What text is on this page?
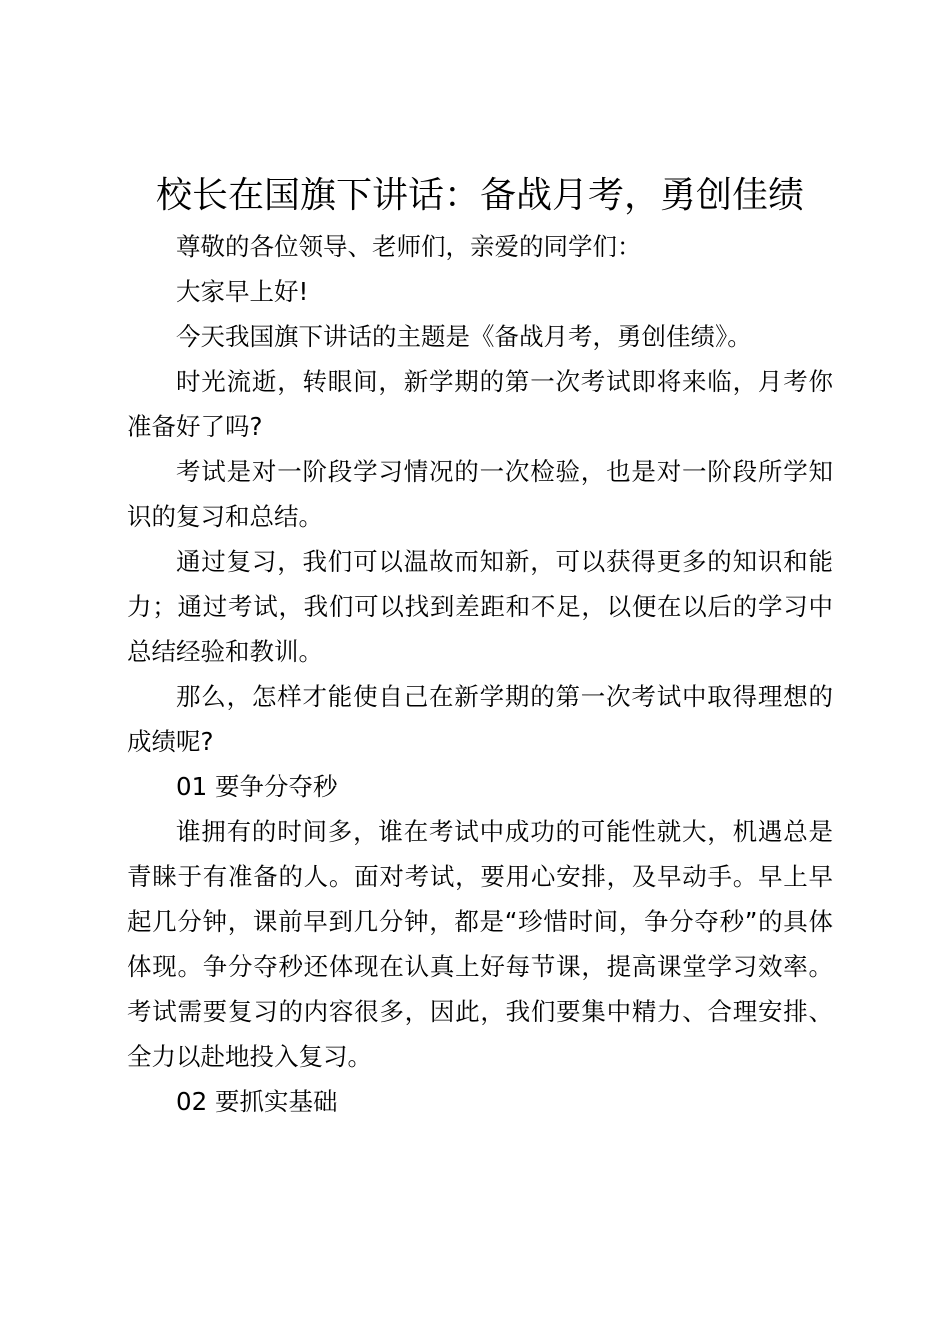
校长在国旗下讲话：备战月考，勇创佳绩

尊敬的各位领导、老师们，亲爱的同学们：

大家早上好!

今天我国旗下讲话的主题是《备战月考，勇创佳绩》。

时光流逝，转眼间，新学期的第一次考试即将来临，月考你准备好了吗?

考试是对一阶段学习情况的一次检验，也是对一阶段所学知识的复习和总结。

通过复习，我们可以温故而知新，可以获得更多的知识和能力；通过考试，我们可以找到差距和不足，以便在以后的学习中总结经验和教训。

那么，怎样才能使自己在新学期的第一次考试中取得理想的成绩呢?

01 要争分夺秒

谁拥有的时间多，谁在考试中成功的可能性就大，机遇总是青睐于有准备的人。面对考试，要用心安排，及早动手。早上早起几分钟，课前早到几分钟，都是“珍惜时间，争分夺秒”的具体体现。争分夺秒还体现在认真上好每节课，提高课堂学习效率。考试需要复习的内容很多，因此，我们要集中精力、合理安排、全力以赴地投入复习。

02 要抓实基础
